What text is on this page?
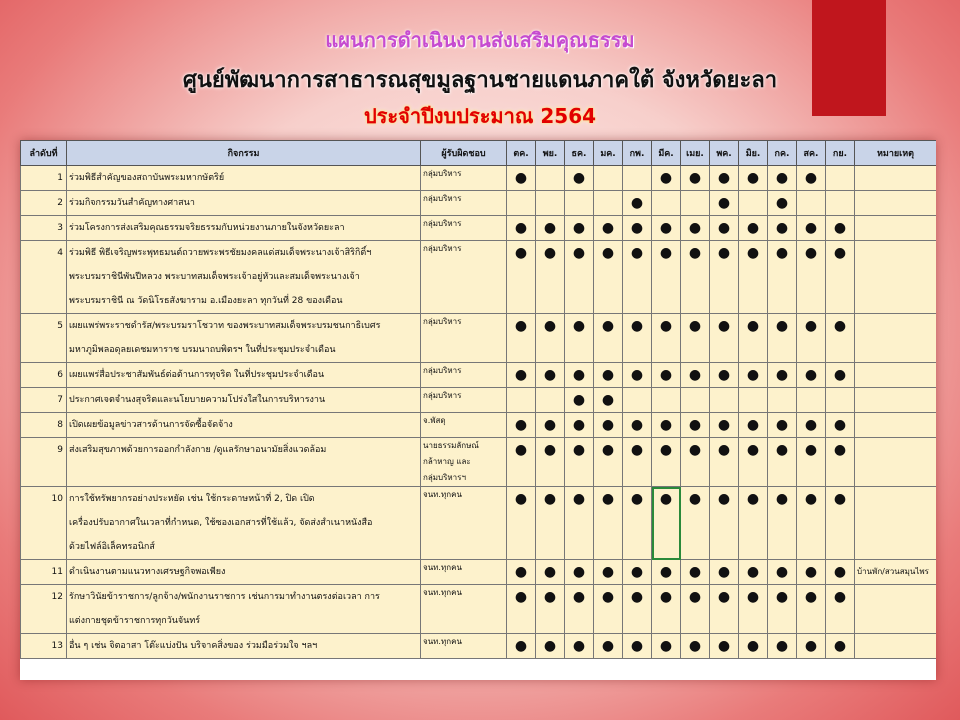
แผนการดำเนินงานส่งเสริมคุณธรรม
ศูนย์พัฒนาการสาธารณสุขมูลฐานชายแดนภาคใต้ จังหวัดยะลา
ประจำปีงบประมาณ 2564
ลำดับที่	กิจกรรม	ผู้รับผิดชอบ	ตค.	พย.	ธค.	มค.	กพ.	มีค.	เมย.	พค.	มิย.	กค.	สค.	กย.	หมายเหตุ
1	ร่วมพิธีสำคัญของสถาบันพระมหากษัตริย์	กลุ่มบริหาร	●		●			●	●	●	●	●	●		
2	ร่วมกิจกรรมวันสำคัญทางศาสนา	กลุ่มบริหาร					●			●		●			
3	ร่วมโครงการส่งเสริมคุณธรรมจริยธรรมกับหน่วยงานภายในจังหวัดยะลา	กลุ่มบริหาร	●	●	●	●	●	●	●	●	●	●	●	●	
4	ร่วมพิธี พิธีเจริญพระพุทธมนต์ถวายพระพรชัยมงคลแด่สมเด็จพระนางเจ้าสิริกิติ์ฯ
พระบรมราชินีพันปีหลวง พระบาทสมเด็จพระเจ้าอยู่หัวและสมเด็จพระนางเจ้า
พระบรมราชินี ณ วัดนิโรธสังฆาราม อ.เมืองยะลา ทุกวันที่ 28 ของเดือน	กลุ่มบริหาร	●	●	●	●	●	●	●	●	●	●	●	●	
5	เผยแพร่พระราชดำรัส/พระบรมราโชวาท ของพระบาทสมเด็จพระบรมชนกาธิเบศร
มหาภูมิพลอดุลยเดชมหาราช บรมนาถบพิตรฯ ในที่ประชุมประจำเดือน	กลุ่มบริหาร	●	●	●	●	●	●	●	●	●	●	●	●	
6	เผยแพร่สื่อประชาสัมพันธ์ต่อต้านการทุจริต ในที่ประชุมประจำเดือน	กลุ่มบริหาร	●	●	●	●	●	●	●	●	●	●	●	●	
7	ประกาศเจตจำนงสุจริตและนโยบายความโปร่งใสในการบริหารงาน	กลุ่มบริหาร			●	●									
8	เปิดเผยข้อมูลข่าวสารด้านการจัดซื้อจัดจ้าง	จ.พัสดุ	●	●	●	●	●	●	●	●	●	●	●	●	
9	ส่งเสริมสุขภาพด้วยการออกกำลังกาย /ดูแลรักษาอนามัยสิ่งแวดล้อม	นายธรรมลักษณ์
กล้าหาญ และ
กลุ่มบริหารฯ	●	●	●	●	●	●	●	●	●	●	●	●	
10	การใช้ทรัพยากรอย่างประหยัด เช่น ใช้กระดาษหน้าที่ 2, ปิด เปิด
เครื่องปรับอากาศในเวลาที่กำหนด, ใช้ซองเอกสารที่ใช้แล้ว, จัดส่งสำเนาหนังสือ
ด้วยไฟล์อิเล็คทรอนิกส์	จนท.ทุกคน	●	●	●	●	●	●	●	●	●	●	●	●	
11	ดำเนินงานตามแนวทางเศรษฐกิจพอเพียง	จนท.ทุกคน	●	●	●	●	●	●	●	●	●	●	●	●	บ้านพัก/สวนสมุนไพร
12	รักษาวินัยข้าราชการ/ลูกจ้าง/พนักงานราชการ เช่นการมาทำงานตรงต่อเวลา การ
แต่งกายชุดข้าราชการทุกวันจันทร์	จนท.ทุกคน	●	●	●	●	●	●	●	●	●	●	●	●	
13	อื่น ๆ เช่น จิตอาสา โต๊ะแบ่งปัน บริจาคสิ่งของ ร่วมมือร่วมใจ ฯลฯ	จนท.ทุกคน	●	●	●	●	●	●	●	●	●	●	●	●	
